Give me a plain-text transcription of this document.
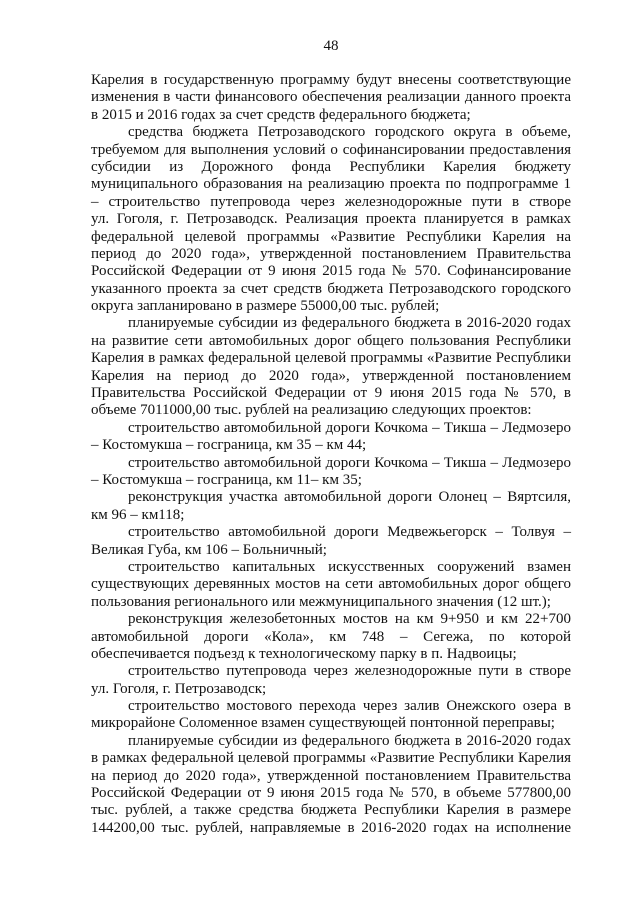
48
Карелия в государственную программу будут внесены соответствующие
изменения в части финансового обеспечения реализации данного проекта
в 2015 и 2016 годах за счет средств федерального бюджета;
средства бюджета Петрозаводского городского округа в объеме,
требуемом для выполнения условий о софинансировании предоставления
субсидии из Дорожного фонда Республики Карелия бюджету
муниципального образования на реализацию проекта по подпрограмме 1
– строительство путепровода через железнодорожные пути в створе
ул. Гоголя, г. Петрозаводск. Реализация проекта планируется в рамках
федеральной целевой программы «Развитие Республики Карелия на
период до 2020 года», утвержденной постановлением Правительства
Российской Федерации от 9 июня 2015 года № 570. Софинансирование
указанного проекта за счет средств бюджета Петрозаводского городского
округа запланировано в размере 55000,00 тыс. рублей;
планируемые субсидии из федерального бюджета в 2016-2020 годах
на развитие сети автомобильных дорог общего пользования Республики
Карелия в рамках федеральной целевой программы «Развитие Республики
Карелия на период до 2020 года», утвержденной постановлением
Правительства Российской Федерации от 9 июня 2015 года № 570, в
объеме 7011000,00 тыс. рублей на реализацию следующих проектов:
строительство автомобильной дороги Кочкома – Тикша – Ледмозеро
– Костомукша – госграница, км 35 – км 44;
строительство автомобильной дороги Кочкома – Тикша – Ледмозеро
– Костомукша – госграница, км 11– км 35;
реконструкция участка автомобильной дороги Олонец – Вяртсиля,
км 96 – км118;
строительство автомобильной дороги Медвежьегорск – Толвуя –
Великая Губа, км 106 – Больничный;
строительство капитальных искусственных сооружений взамен
существующих деревянных мостов на сети автомобильных дорог общего
пользования регионального или межмуниципального значения (12 шт.);
реконструкция железобетонных мостов на км 9+950 и км 22+700
автомобильной дороги «Кола», км 748 – Сегежа, по которой
обеспечивается подъезд к технологическому парку в п. Надвоицы;
строительство путепровода через железнодорожные пути в створе
ул. Гоголя, г. Петрозаводск;
строительство мостового перехода через залив Онежского озера в
микрорайоне Соломенное взамен существующей понтонной переправы;
планируемые субсидии из федерального бюджета в 2016-2020 годах
в рамках федеральной целевой программы «Развитие Республики Карелия
на период до 2020 года», утвержденной постановлением Правительства
Российской Федерации от 9 июня 2015 года № 570, в объеме 577800,00
тыс. рублей, а также средства бюджета Республики Карелия в размере
144200,00 тыс. рублей, направляемые в 2016-2020 годах на исполнение
